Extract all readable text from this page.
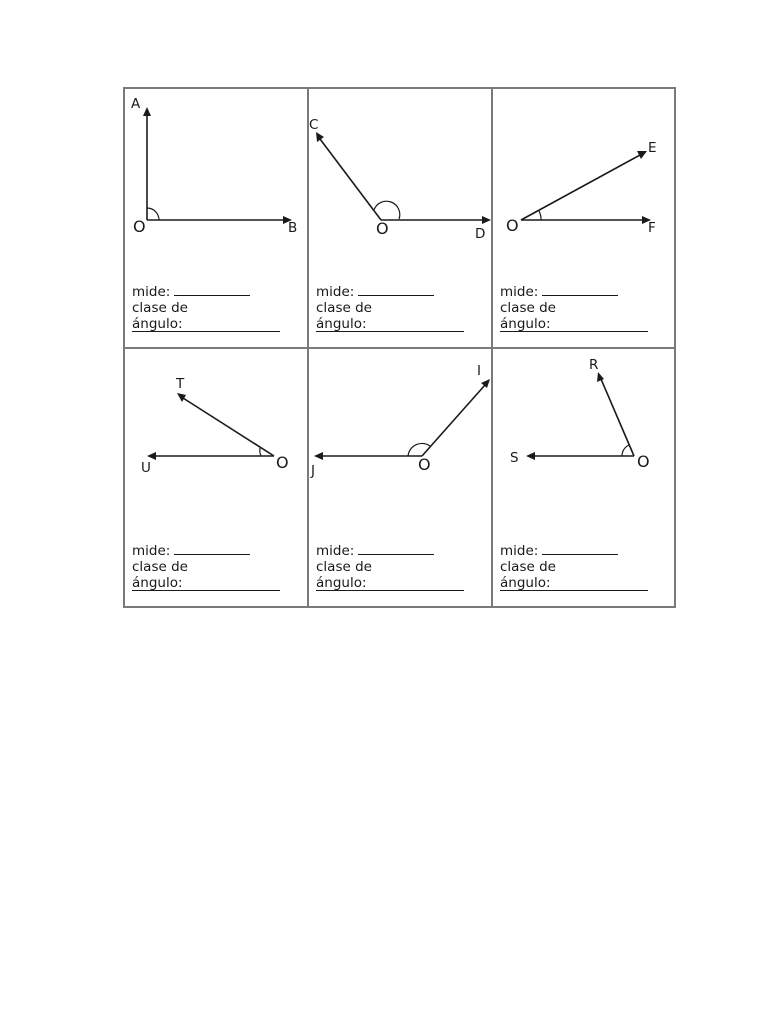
A
B
O
mide:
clase de
ángulo:
C
D
O
mide:
clase de
ángulo:
E
F
O
mide:
clase de
ángulo:
T
U	O
mide:
clase de
ángulo:
I
J	O
mide:
clase de
ángulo:
R
S	O
mide:
clase de
ángulo:
